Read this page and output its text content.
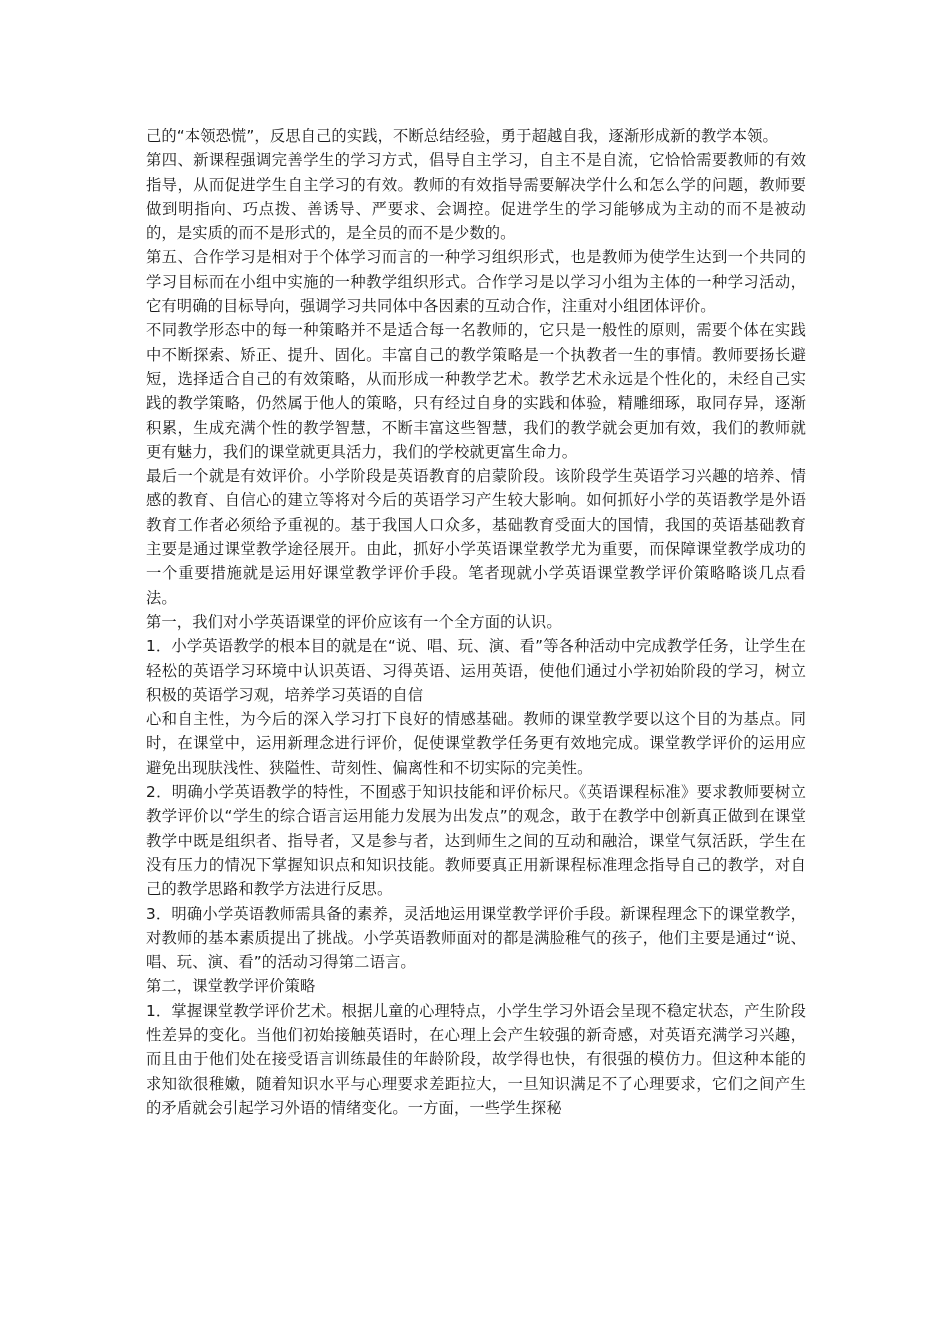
己的“本领恐慌”，反思自己的实践，不断总结经验，勇于超越自我，逐渐形成新的教学本领。

第四、新课程强调完善学生的学习方式，倡导自主学习，自主不是自流，它恰恰需要教师的有效指导，从而促进学生自主学习的有效。教师的有效指导需要解决学什么和怎么学的问题，教师要做到明指向、巧点拨、善诱导、严要求、会调控。促进学生的学习能够成为主动的而不是被动的，是实质的而不是形式的，是全员的而不是少数的。

第五、合作学习是相对于个体学习而言的一种学习组织形式，也是教师为使学生达到一个共同的学习目标而在小组中实施的一种教学组织形式。合作学习是以学习小组为主体的一种学习活动，它有明确的目标导向，强调学习共同体中各因素的互动合作，注重对小组团体评价。

不同教学形态中的每一种策略并不是适合每一名教师的，它只是一般性的原则，需要个体在实践中不断探索、矫正、提升、固化。丰富自己的教学策略是一个执教者一生的事情。教师要扬长避短，选择适合自己的有效策略，从而形成一种教学艺术。教学艺术永远是个性化的，未经自己实践的教学策略，仍然属于他人的策略，只有经过自身的实践和体验，精雕细琢，取同存异，逐渐积累，生成充满个性的教学智慧，不断丰富这些智慧，我们的教学就会更加有效，我们的教师就更有魅力，我们的课堂就更具活力，我们的学校就更富生命力。

最后一个就是有效评价。小学阶段是英语教育的启蒙阶段。该阶段学生英语学习兴趣的培养、情感的教育、自信心的建立等将对今后的英语学习产生较大影响。如何抓好小学的英语教学是外语教育工作者必须给予重视的。基于我国人口众多，基础教育受面大的国情，我国的英语基础教育主要是通过课堂教学途径展开。由此，抓好小学英语课堂教学尤为重要，而保障课堂教学成功的一个重要措施就是运用好课堂教学评价手段。笔者现就小学英语课堂教学评价策略略谈几点看法。

第一，我们对小学英语课堂的评价应该有一个全方面的认识。

1．小学英语教学的根本目的就是在“说、唱、玩、演、看”等各种活动中完成教学任务，让学生在轻松的英语学习环境中认识英语、习得英语、运用英语，使他们通过小学初始阶段的学习，树立积极的英语学习观，培养学习英语的自信

心和自主性，为今后的深入学习打下良好的情感基础。教师的课堂教学要以这个目的为基点。同时，在课堂中，运用新理念进行评价，促使课堂教学任务更有效地完成。课堂教学评价的运用应避免出现肤浅性、狭隘性、苛刻性、偏离性和不切实际的完美性。

2．明确小学英语教学的特性，不囿惑于知识技能和评价标尺。《英语课程标准》要求教师要树立教学评价以“学生的综合语言运用能力发展为出发点”的观念，敢于在教学中创新真正做到在课堂教学中既是组织者、指导者，又是参与者，达到师生之间的互动和融洽，课堂气氛活跃，学生在没有压力的情况下掌握知识点和知识技能。教师要真正用新课程标准理念指导自己的教学，对自己的教学思路和教学方法进行反思。

3．明确小学英语教师需具备的素养，灵活地运用课堂教学评价手段。新课程理念下的课堂教学，对教师的基本素质提出了挑战。小学英语教师面对的都是满脸稚气的孩子，他们主要是通过“说、唱、玩、演、看”的活动习得第二语言。

第二，课堂教学评价策略

1．掌握课堂教学评价艺术。根据儿童的心理特点，小学生学习外语会呈现不稳定状态，产生阶段性差异的变化。当他们初始接触英语时，在心理上会产生较强的新奇感，对英语充满学习兴趣，而且由于他们处在接受语言训练最佳的年龄阶段，故学得也快，有很强的模仿力。但这种本能的求知欲很稚嫩，随着知识水平与心理要求差距拉大，一旦知识满足不了心理要求，它们之间产生的矛盾就会引起学习外语的情绪变化。一方面，一些学生探秘
